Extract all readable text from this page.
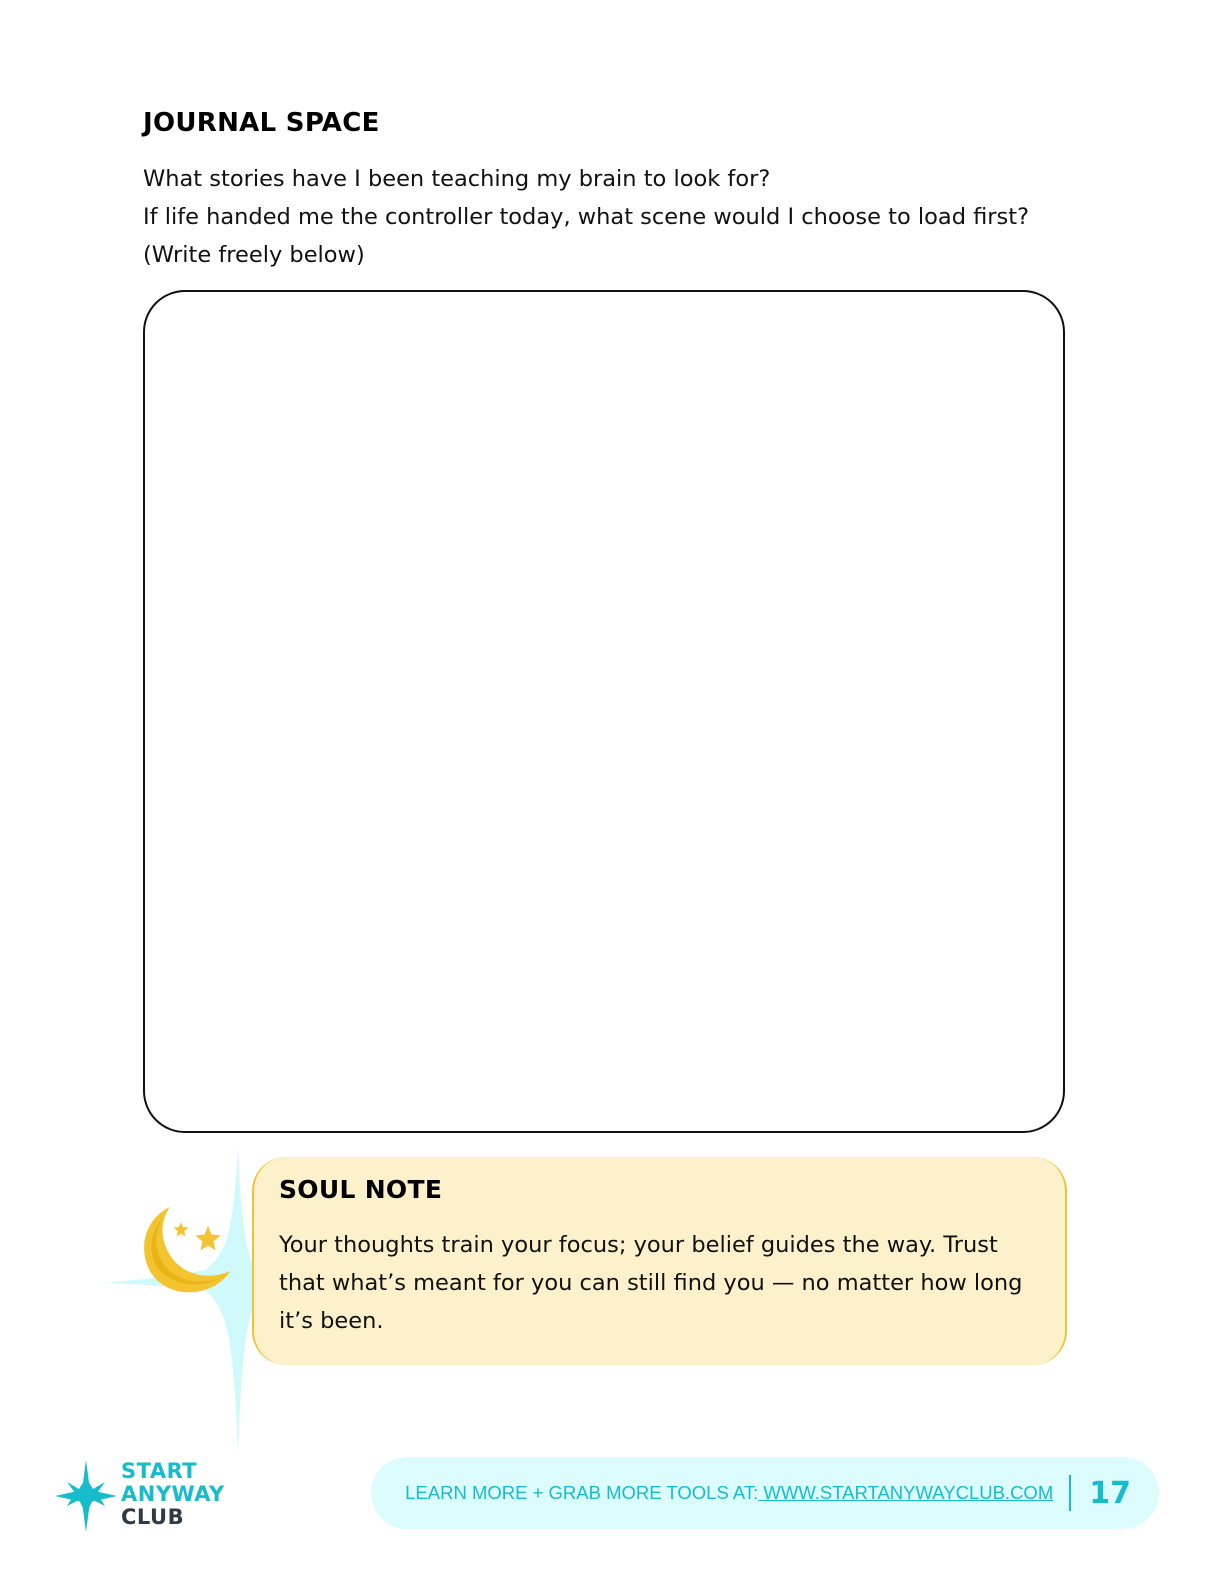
JOURNAL SPACE

What stories have I been teaching my brain to look for?

If life handed me the controller today, what scene would I choose to load first? (Write freely below)

SOUL NOTE

Your thoughts train your focus; your belief guides the way. Trust that what’s meant for you can still find you — no matter how long it’s been.

START
ANYWAY
CLUB
LEARN MORE + GRAB MORE TOOLS AT: WWW.STARTANYWAYCLUB.COM 17
